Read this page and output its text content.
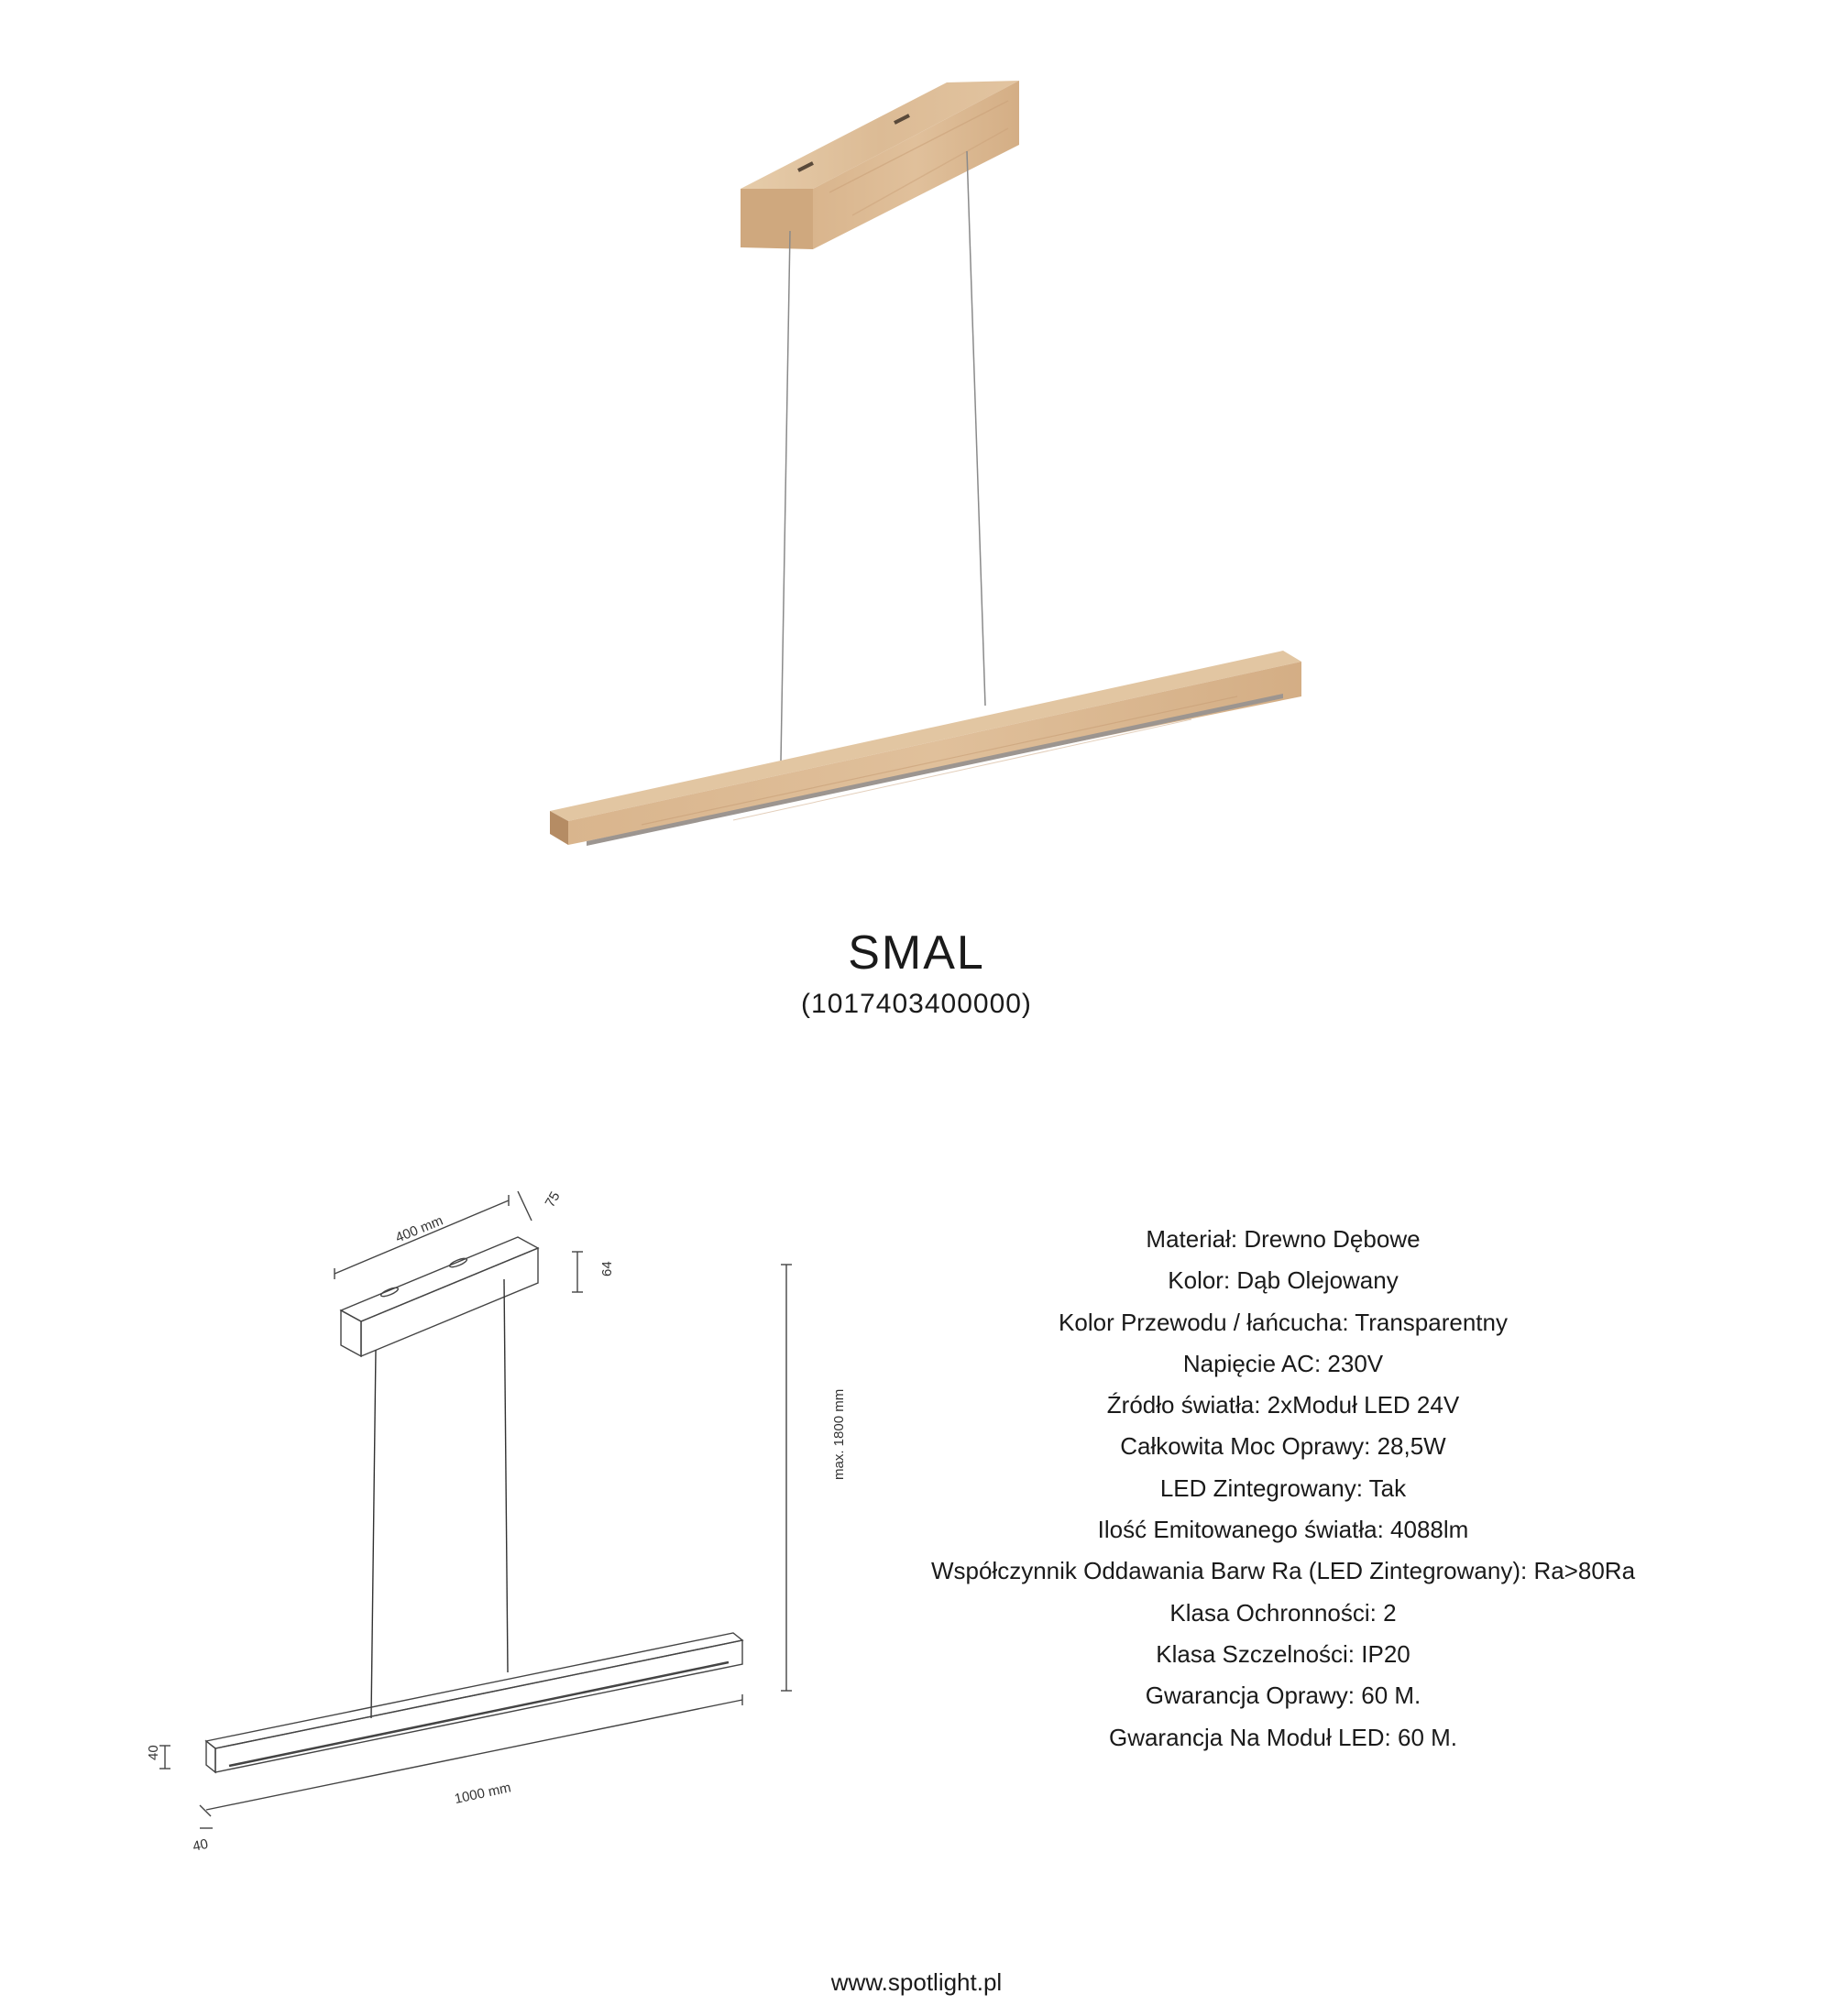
SMAL
(1017403400000)
400 mm
75
64
max. 1800 mm
40
1000 mm
40
Materiał: Drewno Dębowe
Kolor: Dąb Olejowany
Kolor Przewodu / łańcucha: Transparentny
Napięcie AC: 230V
Źródło światła: 2xModuł LED 24V
Całkowita Moc Oprawy: 28,5W
LED Zintegrowany: Tak
Ilość Emitowanego światła: 4088lm
Współczynnik Oddawania Barw Ra (LED Zintegrowany): Ra>80Ra
Klasa Ochronności: 2
Klasa Szczelności: IP20
Gwarancja Oprawy: 60 M.
Gwarancja Na Moduł LED: 60 M.
www.spotlight.pl
